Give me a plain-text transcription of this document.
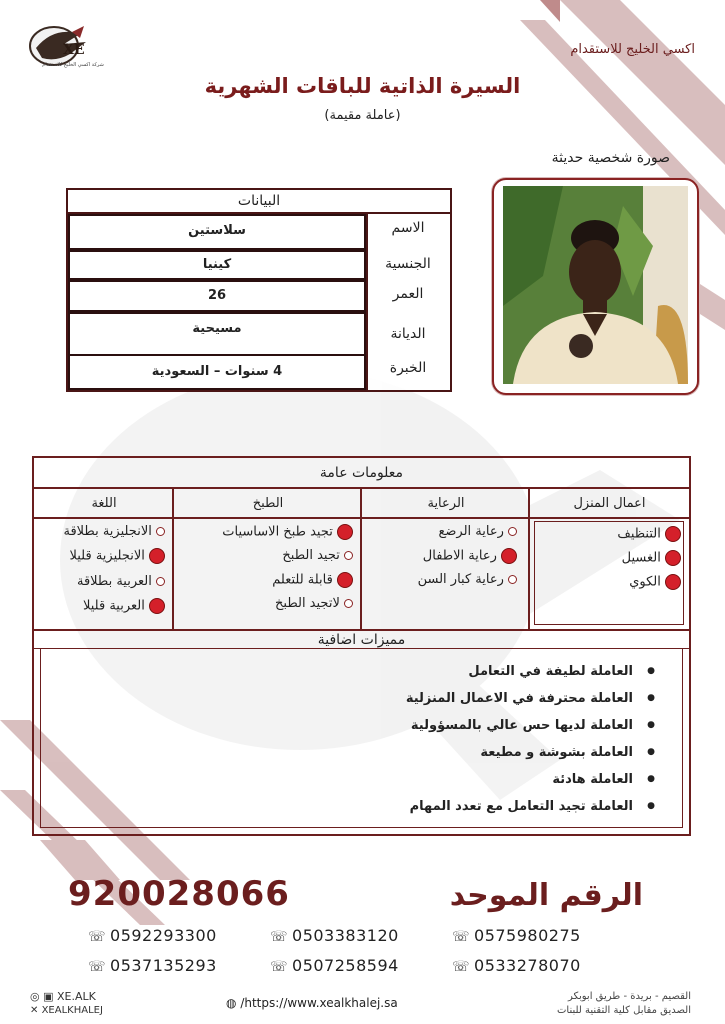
XE
شركة اكسي الخليج للاستقدام
اكسي الخليج للاستقدام
السيرة الذاتية للباقات الشهرية
(عاملة مقيمة)
صورة شخصية حديثة
البيانات
الاسم
سلاستين
الجنسية
كينيا
العمر
26
الديانة
مسيحية
الخبرة
4 سنوات – السعودية
معلومات عامة
اعمال المنزل
الرعاية
الطبخ
اللغة
التنظيف
الغسيل
الكوي
رعاية الرضع
رعاية الاطفال
رعاية كبار السن
تجيد طبخ الاساسيات
تجيد الطبخ
قابلة للتعلم
لاتجيد الطبخ
الانجليزية بطلاقة
الانجليزية قليلا
العربية بطلاقة
العربية قليلا
مميزات اضافية
● العاملة لطيفة في التعامل
● العاملة محترفة في الاعمال المنزلية
● العاملة لديها حس عالي بالمسؤولية
● العاملة بشوشة و مطيعة
● العاملة هادئة
● العاملة تجيد التعامل مع تعدد المهام
الرقم الموحد
920028066
☏ 0575980275
☏ 0503383120
☏ 0592293300
☏ 0533278070
☏ 0507258594
☏ 0537135293
◎ ▣ XE.ALK
✕ XEALKHALEJ
◍ /https://www.xealkhalej.sa	القصيم - بريدة - طريق ابوبكر
الصديق مقابل كلية التقنية للبنات
